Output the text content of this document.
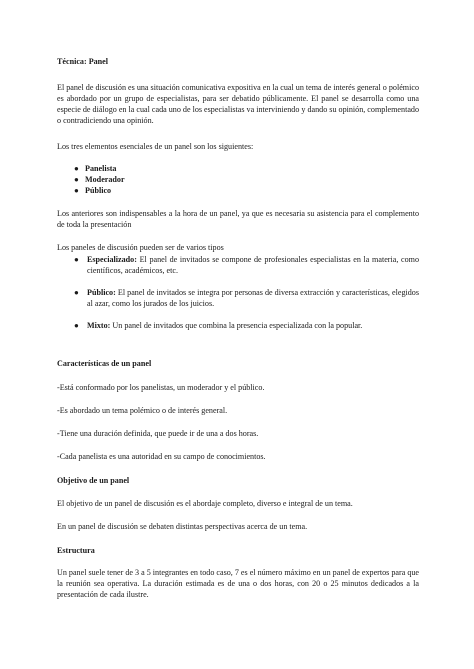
Técnica: Panel

El panel de discusión es una situación comunicativa expositiva en la cual un tema de interés general o polémico es abordado por un grupo de especialistas, para ser debatido públicamente. El panel se desarrolla como una especie de diálogo en la cual cada uno de los especialistas va interviniendo y dando su opinión, complementado o contradiciendo una opinión.

Los tres elementos esenciales de un panel son los siguientes:

● Panelista
● Moderador
● Público

Los anteriores son indispensables a la hora de un panel, ya que es necesaria su asistencia para el complemento de toda la presentación

Los paneles de discusión pueden ser de varios tipos

● Especializado: El panel de invitados se compone de profesionales especialistas en la materia, como científicos, académicos, etc.
● Público: El panel de invitados se integra por personas de diversa extracción y características, elegidos al azar, como los jurados de los juicios.
● Mixto: Un panel de invitados que combina la presencia especializada con la popular.

Características de un panel

-Está conformado por los panelistas, un moderador y el público.

-Es abordado un tema polémico o de interés general.

-Tiene una duración definida, que puede ir de una a dos horas.

-Cada panelista es una autoridad en su campo de conocimientos.

Objetivo de un panel

El objetivo de un panel de discusión es el abordaje completo, diverso e integral de un tema.

En un panel de discusión se debaten distintas perspectivas acerca de un tema.

Estructura

Un panel suele tener de 3 a 5 integrantes en todo caso, 7 es el número máximo en un panel de expertos para que la reunión sea operativa. La duración estimada es de una o dos horas, con 20 o 25 minutos dedicados a la presentación de cada ilustre.
